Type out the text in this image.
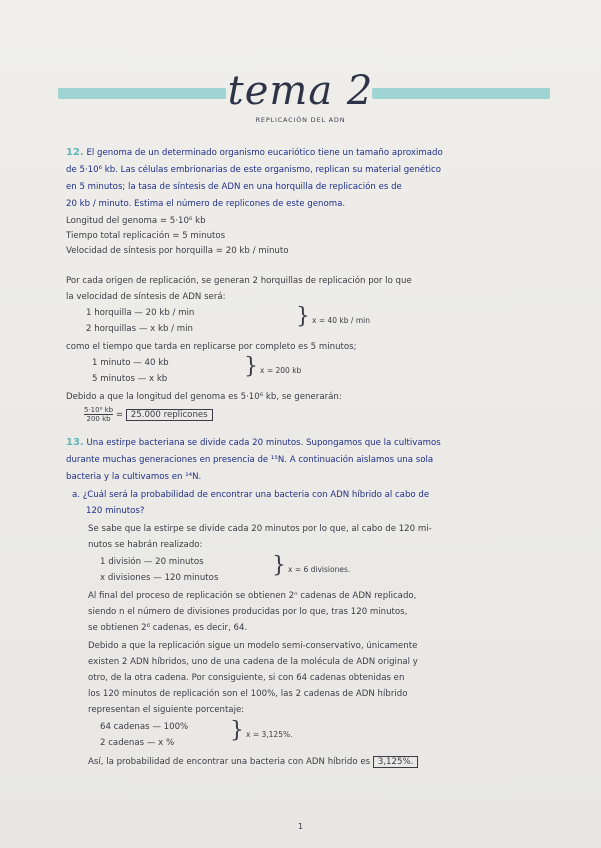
tema 2
REPLICACIÓN DEL ADN
12. El genoma de un determinado organismo eucariótico tiene un tamaño aproximado
de 5·10⁶ kb. Las células embrionarias de este organismo, replican su material genético
en 5 minutos; la tasa de síntesis de ADN en una horquilla de replicación es de
20 kb / minuto. Estima el número de replicones de este genoma.
Longitud del genoma = 5·10⁶ kb
Tiempo total replicación = 5 minutos
Velocidad de síntesis por horquilla = 20 kb / minuto
Por cada origen de replicación, se generan 2 horquillas de replicación por lo que
la velocidad de síntesis de ADN será:
1 horquilla — 20 kb / min
2 horquillas — x kb / min	} x = 40 kb / min
como el tiempo que tarda en replicarse por completo es 5 minutos;
1 minuto — 40 kb
5 minutos — x kb	} x = 200 kb
Debido a que la longitud del genoma es 5·10⁶ kb, se generarán:
$\frac{\text{5·10⁶ kb}}{200 kb} = 25.000$ replicones
13. Una estirpe bacteriana se divide cada 20 minutos. Supongamos que la cultivamos
durante muchas generaciones en presencia de ¹⁵N. A continuación aislamos una sola
bacteria y la cultivamos en ¹⁴N.
a. ¿Cuál será la probabilidad de encontrar una bacteria con ADN híbrido al cabo de
120 minutos?
Se sabe que la estirpe se divide cada 20 minutos por lo que, al cabo de 120 mi-
nutos se habrán realizado:
1 división — 20 minutos
x divisiones — 120 minutos } x = 6 divisiones.
Al final del proceso de replicación se obtienen 2ⁿ cadenas de ADN replicado,
siendo n el número de divisiones producidas por lo que, tras 120 minutos,
se obtienen 2⁶ cadenas, es decir, 64.
Debido a que la replicación sigue un modelo semi-conservativo, únicamente
existen 2 ADN híbridos, uno de una cadena de la molécula de ADN original y
otro, de la otra cadena. Por consiguiente, si con 64 cadenas obtenidas en
los 120 minutos de replicación son el 100%, las 2 cadenas de ADN híbrido
representan el siguiente porcentaje:
64 cadenas — 100%
2 cadenas — x %	} x = 3,125%.
Así, la probabilidad de encontrar una bacteria con ADN híbrido es 3,125%.
1
